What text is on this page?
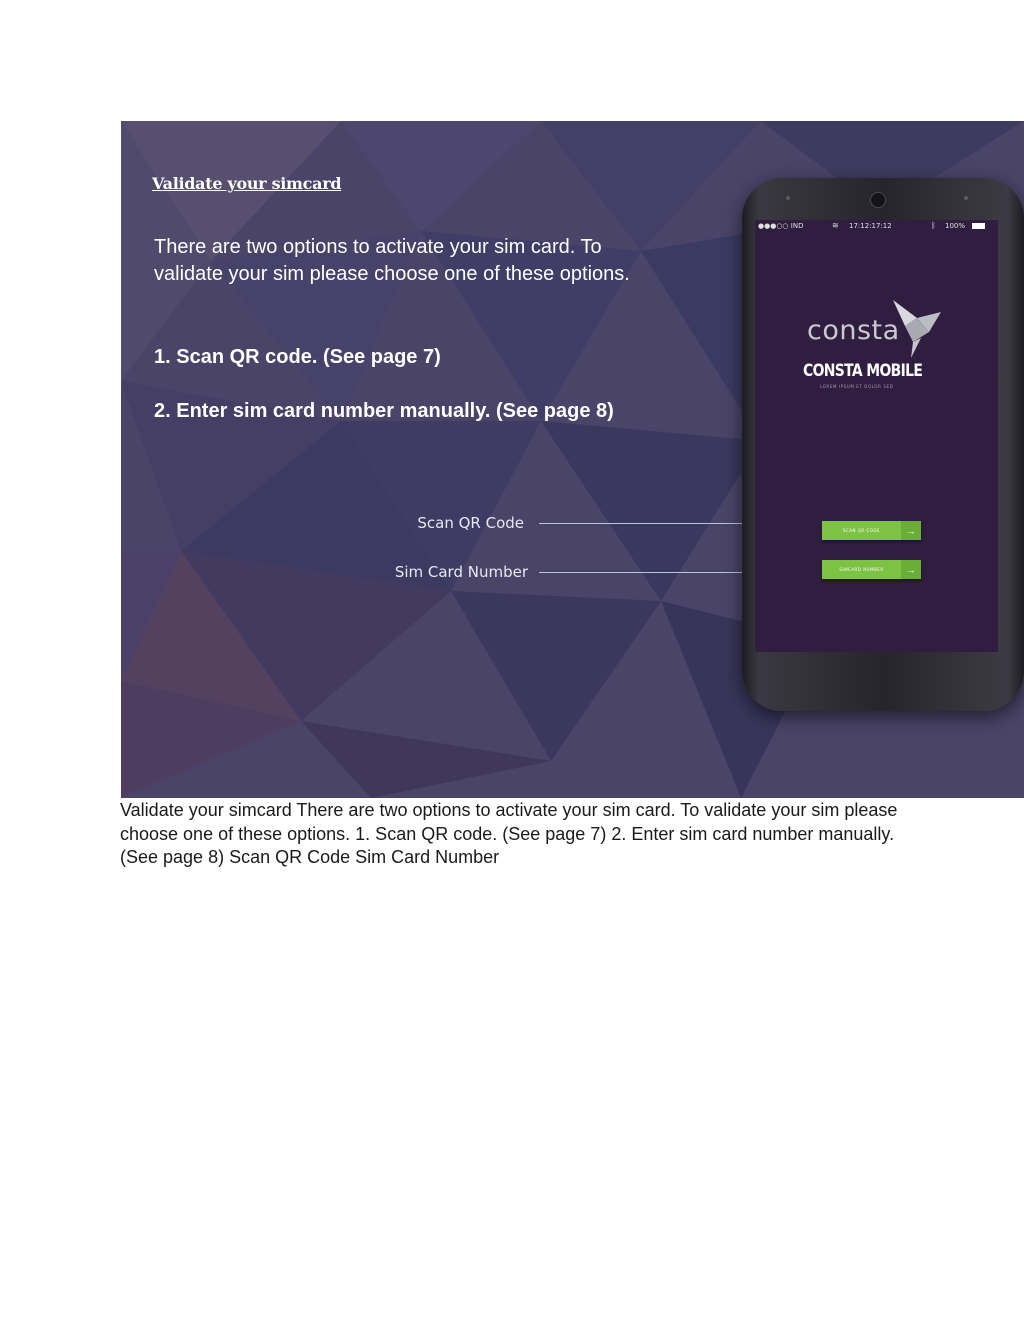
Validate your simcard
There are two options to activate your sim card. To validate your sim please choose one of these options.
1. Scan QR code. (See page 7)
2. Enter sim card number manually. (See page 8)
Scan QR Code
Sim Card Number
●●●○○ IND	≋ 17:12:17:12	ᛒ 100%
consta
CONSTA MOBILE
LOREM IPSUM ET DOLOR SED
SCAN QR CODE	→
SIMCARD NUMBER	→
Validate your simcard There are two options to activate your sim card. To validate your sim please choose one of these options. 1. Scan QR code. (See page 7) 2. Enter sim card number manually. (See page 8) Scan QR Code Sim Card Number
